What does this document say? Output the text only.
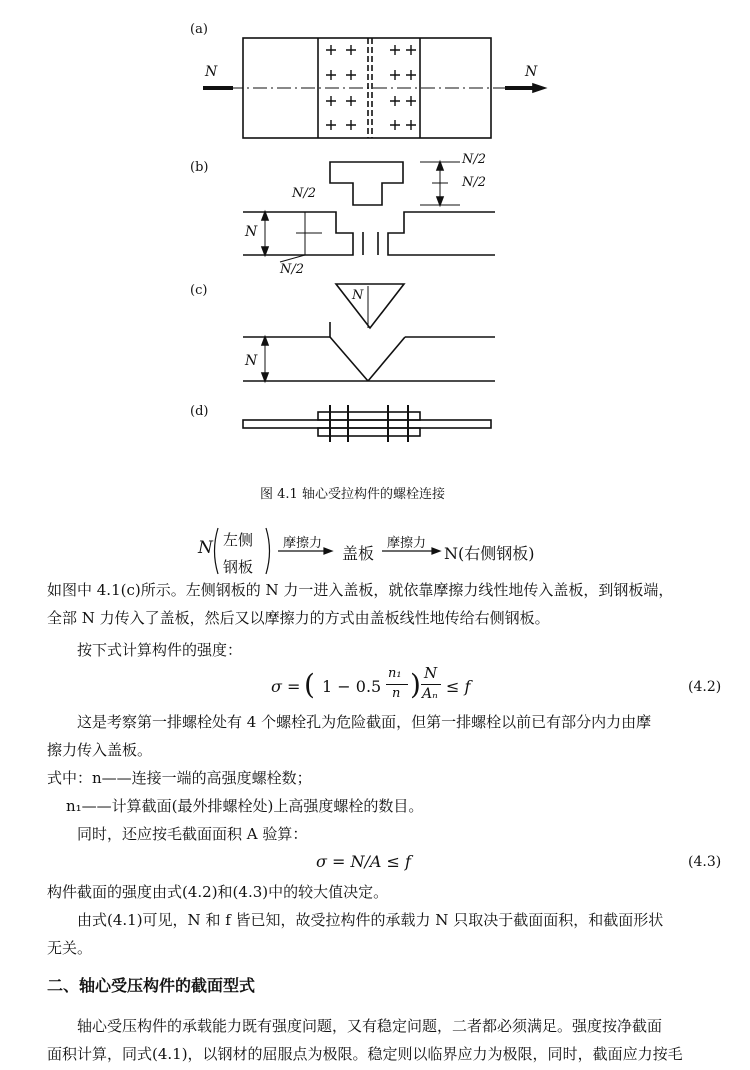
(a)
(b)
(c)
(d)
N	N
N/2
N/2
N/2
N/2
N
N
N
图 4.1 轴心受拉构件的螺栓连接
N 左侧
钢板
摩擦力
盖板
摩擦力
N(右侧钢板)
如图中 4.1(c)所示。左侧钢板的 N 力一进入盖板，就依靠摩擦力线性地传入盖板，到钢板端，
全部 N 力传入了盖板，然后又以摩擦力的方式由盖板线性地传给右侧钢板。
按下式计算构件的强度：
σ = ( 1 − 0.5
n₁
n ) N
Aₙ ≤ f	(4.2)
这是考察第一排螺栓处有 4 个螺栓孔为危险截面，但第一排螺栓以前已有部分内力由摩
擦力传入盖板。
式中：n——连接一端的高强度螺栓数；
n₁——计算截面(最外排螺栓处)上高强度螺栓的数目。
同时，还应按毛截面面积 A 验算：
σ = N/A ≤ f	(4.3)
构件截面的强度由式(4.2)和(4.3)中的较大值决定。
由式(4.1)可见，N 和 f 皆已知，故受拉构件的承载力 N 只取决于截面面积，和截面形状
无关。
二、轴心受压构件的截面型式
轴心受压构件的承载能力既有强度问题，又有稳定问题，二者都必须满足。强度按净截面
面积计算，同式(4.1)，以钢材的屈服点为极限。稳定则以临界应力为极限，同时，截面应力按毛
